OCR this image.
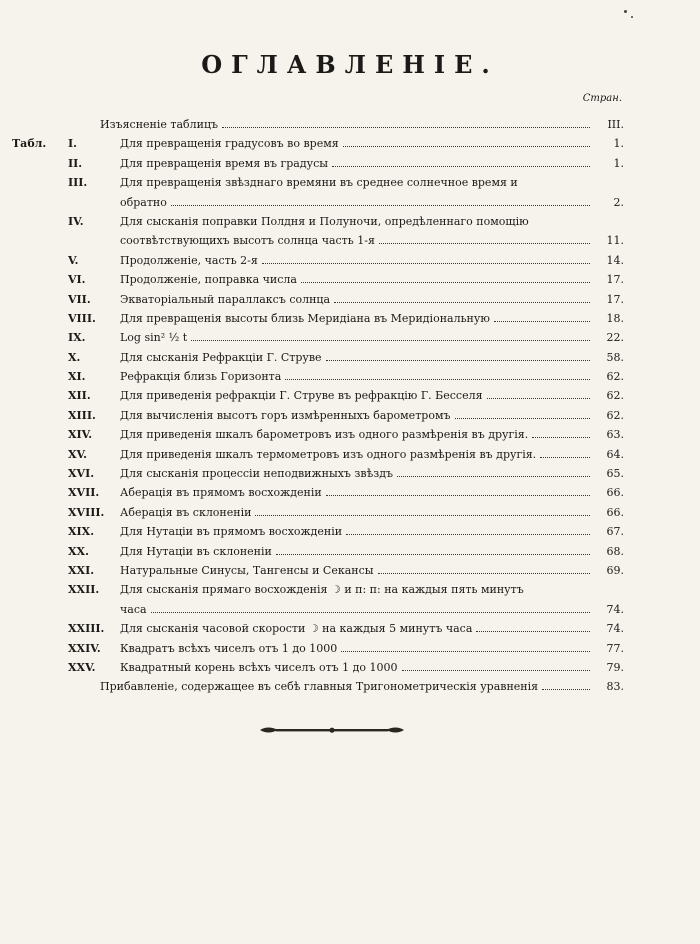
ОГЛАВЛЕНІЕ.
Стран.
Изъясненіе таблицъ	III.
Табл.	I.	Для превращенія градусовъ во время	1.
II.	Для превращенія время въ градусы	1.
III.	Для превращенія звѣзднаго времяни въ среднее солнечное время и
обратно	2.
IV.	Для сысканія поправки Полдня и Полуночи, опредѣленнаго помощію
соотвѣтствующихъ высотъ солнца часть 1-я	11.
V.	Продолженіе, часть 2-я	14.
VI.	Продолженіе, поправка числа	17.
VII.	Экваторіальный параллаксъ солнца	17.
VIII.	Для превращенія высоты близь Меридіана въ Меридіональную	18.
IX.	Log sin² ½ t	22.
X.	Для сысканія Рефракціи Г. Струве	58.
XI.	Рефракція близь Горизонта	62.
XII.	Для приведенія рефракціи Г. Струве въ рефракцію Г. Бесселя	62.
XIII.	Для вычисленія высотъ горъ измѣренныхъ барометромъ	62.
XIV.	Для приведенія шкалъ барометровъ изъ одного размѣренія въ другія.	63.
XV.	Для приведенія шкалъ термометровъ изъ одного размѣренія въ другія.	64.
XVI.	Для сысканія процессіи неподвижныхъ звѣздъ	65.
XVII.	Аберація въ прямомъ восхожденіи	66.
XVIII.	Аберація въ склоненіи	66.
XIX.	Для Нутаціи въ прямомъ восхожденіи	67.
XX.	Для Нутаціи въ склоненіи	68.
XXI.	Натуральные Синусы, Тангенсы и Секансы	69.
XXII.	Для сысканія прямаго восхожденія ☽ и п: п: на каждыя пять минутъ
часа	74.
XXIII.	Для сысканія часовой скорости ☽ на каждыя 5 минутъ часа	74.
XXIV.	Квадратъ всѣхъ чиселъ отъ 1 до 1000	77.
XXV.	Квадратный корень всѣхъ чиселъ отъ 1 до 1000	79.
Прибавленіе, содержащее въ себѣ главныя Тригонометрическія уравненія	83.
